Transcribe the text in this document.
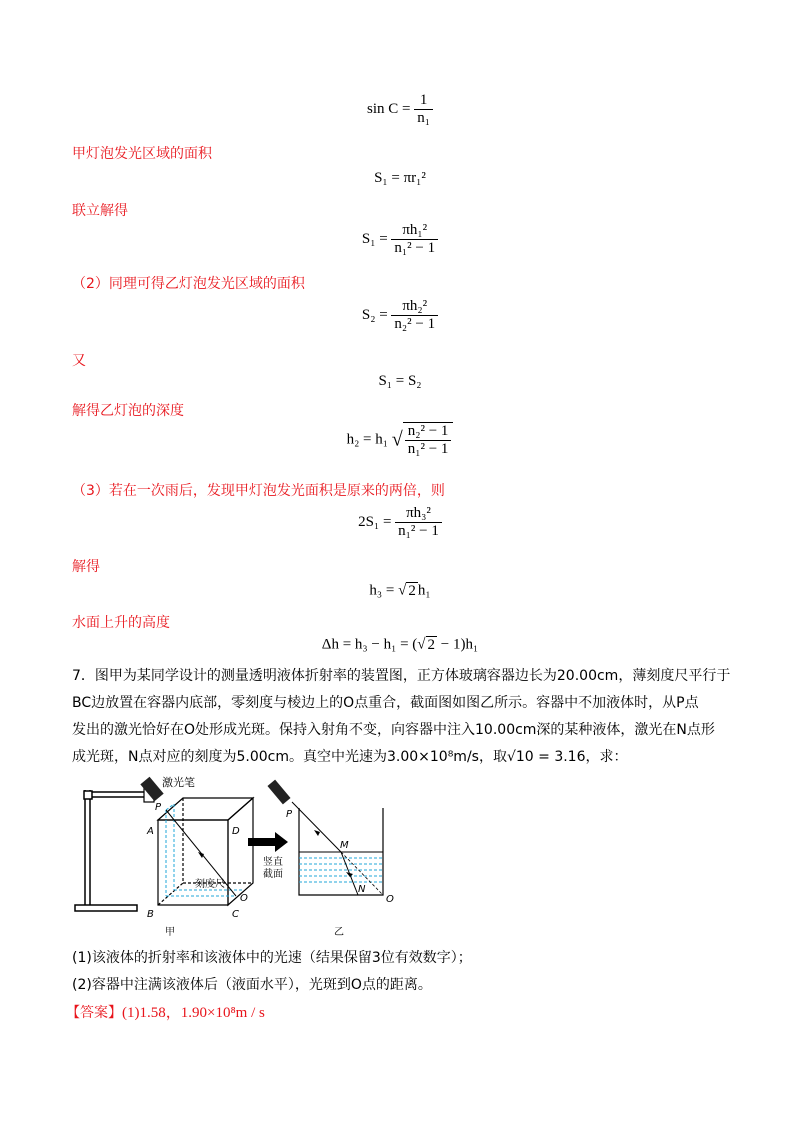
$\sin C = \frac{1}{\text{n₁}}$
甲灯泡发光区域的面积
S₁ = πr₁²
联立解得
$S_1 = \frac{\text{πh₁²}}{\text{n₁² − 1}}$
（2）同理可得乙灯泡发光区域的面积
$S_2 = \frac{\text{πh₂²}}{\text{n₂² − 1}}$
又
S₁ = S₂
解得乙灯泡的深度
h₂ = h₁ √ $\frac{\text{n₂² − 1}}{\text{n₁² − 1}}$
（3）若在一次雨后，发现甲灯泡发光面积是原来的两倍，则
$2S_1 = \frac{\text{πh₃²}}{\text{n₁² − 1}}$
解得
h₃ = √ 2 h₁
水面上升的高度
Δh = h₃ − h₁ = (√ 2 − 1)h₁
7．图甲为某同学设计的测量透明液体折射率的装置图，正方体玻璃容器边长为20.00cm，薄刻度尺平行于
BC边放置在容器内底部，零刻度与棱边上的O点重合，截面图如图乙所示。容器中不加液体时，从P点
发出的激光恰好在O处形成光斑。保持入射角不变，向容器中注入10.00cm深的某种液体，激光在N点形
成光斑，N点对应的刻度为5.00cm。真空中光速为3.00×10⁸m/s，取√10 = 3.16，求：
激光笔
A
P
D
B	C
O
刻度尺
甲
竖直
截面
P
M
N
O
乙
(1)该液体的折射率和该液体中的光速（结果保留3位有效数字）；
(2)容器中注满该液体后（液面水平），光斑到O点的距离。
【答案】(1)1.58，1.90×10⁸m / s
